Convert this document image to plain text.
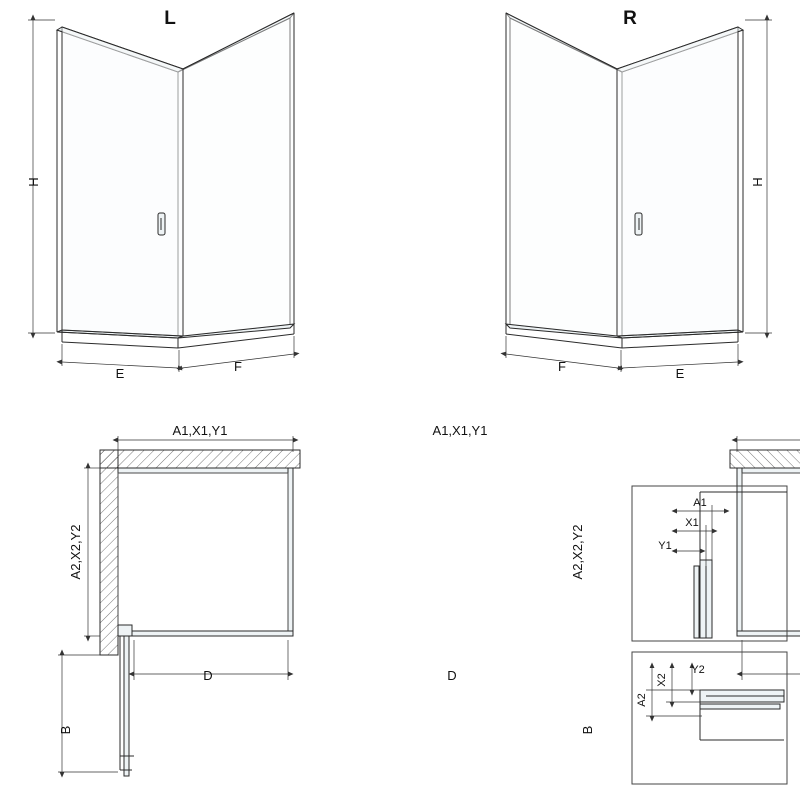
L
H
E	F
R
H
F	E
A1,X1,Y1
A2,X2,Y2
D
B
A1,X1,Y1
A2,X2,Y2
D
B
A1
X1
Y1
A2
X2
Y2
